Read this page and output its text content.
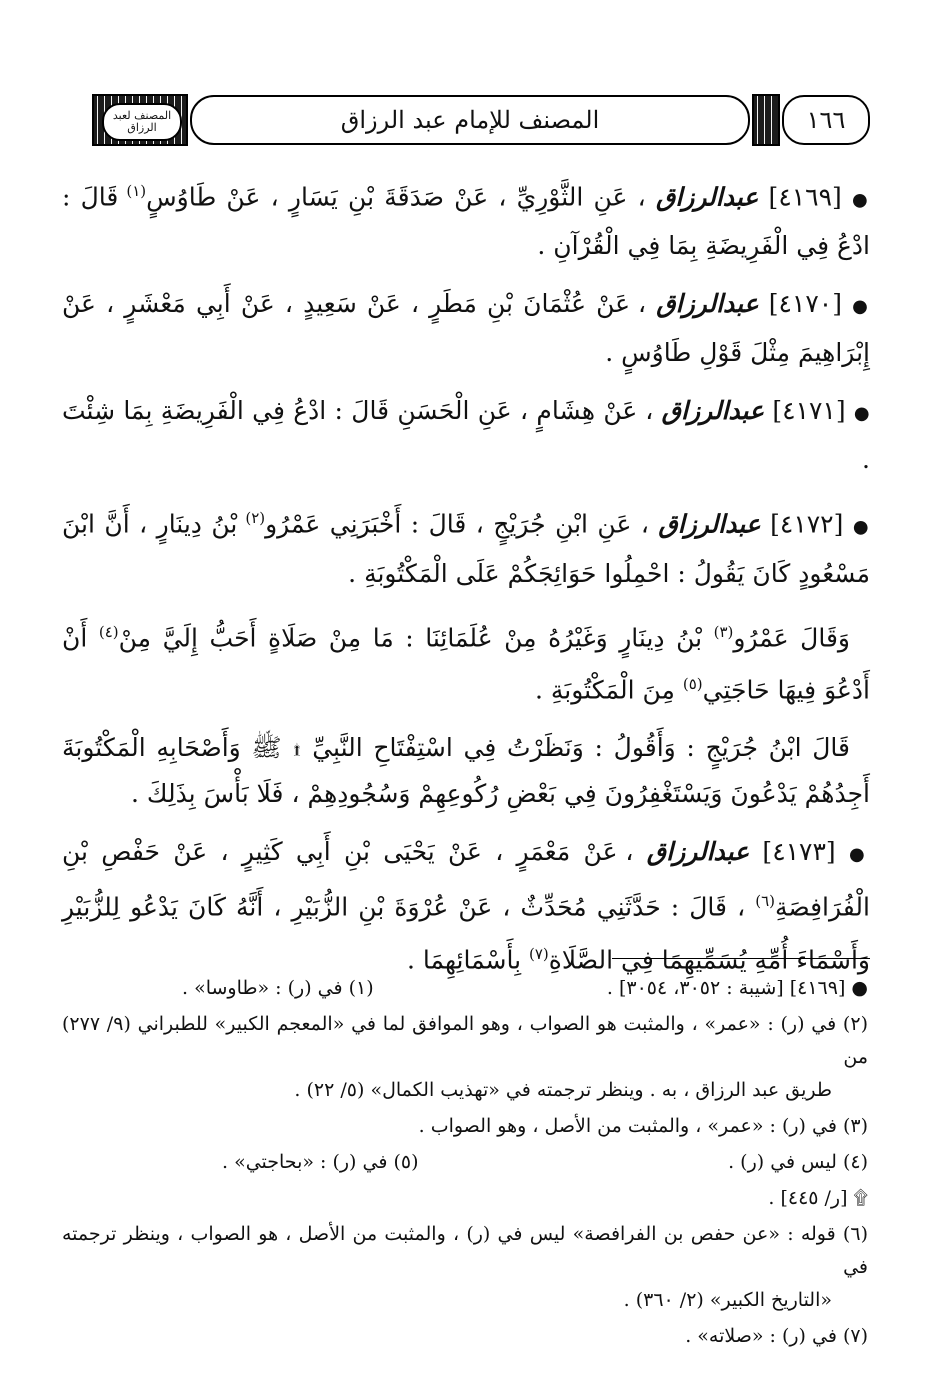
المصنف لعبد الرزاق	المصنف للإمام عبد الرزاق	١٦٦
● [٤١٦٩] عبدالرزاق ، عَنِ الثَّوْرِيِّ ، عَنْ صَدَقَةَ بْنِ يَسَارٍ ، عَنْ طَاوُسٍ$^{(١)}$ قَالَ : ادْعُ فِي الْفَرِيضَةِ بِمَا فِي الْقُرْآنِ .
● [٤١٧٠] عبدالرزاق ، عَنْ عُثْمَانَ بْنِ مَطَرٍ ، عَنْ سَعِيدٍ ، عَنْ أَبِي مَعْشَرٍ ، عَنْ إِبْرَاهِيمَ مِثْلَ قَوْلِ طَاوُسٍ .
● [٤١٧١] عبدالرزاق ، عَنْ هِشَامٍ ، عَنِ الْحَسَنِ قَالَ : ادْعُ فِي الْفَرِيضَةِ بِمَا شِئْتَ .
● [٤١٧٢] عبدالرزاق ، عَنِ ابْنِ جُرَيْجٍ ، قَالَ : أَخْبَرَنِي عَمْرُو$^{(٢)}$ بْنُ دِينَارٍ ، أَنَّ ابْنَ مَسْعُودٍ كَانَ يَقُولُ : احْمِلُوا حَوَائِجَكُمْ عَلَى الْمَكْتُوبَةِ .
وَقَالَ عَمْرُو$^{(٣)}$ بْنُ دِينَارٍ وَغَيْرُهُ مِنْ عُلَمَائِنَا : مَا مِنْ صَلَاةٍ أَحَبُّ إِلَيَّ مِنْ$^{(٤)}$ أَنْ أَدْعُوَ فِيهَا حَاجَتِي$^{(٥)}$ مِنَ الْمَكْتُوبَةِ .
قَالَ ابْنُ جُرَيْجٍ : وَأَقُولُ : وَنَظَرْتُ فِي اسْتِفْتَاحِ النَّبِيِّ ۩ ﷺ وَأَصْحَابِهِ الْمَكْتُوبَةَ أَجِدُهُمْ يَدْعُونَ وَيَسْتَغْفِرُونَ فِي بَعْضِ رُكُوعِهِمْ وَسُجُودِهِمْ ، فَلَا بَأْسَ بِذَلِكَ .
● [٤١٧٣] عبدالرزاق ، عَنْ مَعْمَرٍ ، عَنْ يَحْيَى بْنِ أَبِي كَثِيرٍ ، عَنْ حَفْصِ بْنِ الْفُرَافِصَةِ$^{(٦)}$ ، قَالَ : حَدَّثَنِي مُحَدِّثٌ ، عَنْ عُرْوَةَ بْنِ الزُّبَيْرِ ، أَنَّهُ كَانَ يَدْعُو لِلزُّبَيْرِ وَأَسْمَاءَ أُمِّهِ يُسَمِّيهِمَا فِي الصَّلَاةِ$^{(٧)}$ بِأَسْمَائِهِمَا .
● [٤١٦٩] [شيبة : ٣٠٥٢، ٣٠٥٤] .
(١) في (ر) : «طاوسا» .
(٢) في (ر) : «عمر» ، والمثبت هو الصواب ، وهو الموافق لما في «المعجم الكبير» للطبراني (٩/ ٢٧٧) من
طريق عبد الرزاق ، به . وينظر ترجمته في «تهذيب الكمال» (٥/ ٢٢) .
(٣) في (ر) : «عمر» ، والمثبت من الأصل ، وهو الصواب .
(٤) ليس في (ر) .
(٥) في (ر) : «بحاجتي» .
۩ [ر/ ٤٤٥] .
(٦) قوله : «عن حفص بن الفرافصة» ليس في (ر) ، والمثبت من الأصل ، هو الصواب ، وينظر ترجمته في
«التاريخ الكبير» (٢/ ٣٦٠) .
(٧) في (ر) : «صلاته» .
